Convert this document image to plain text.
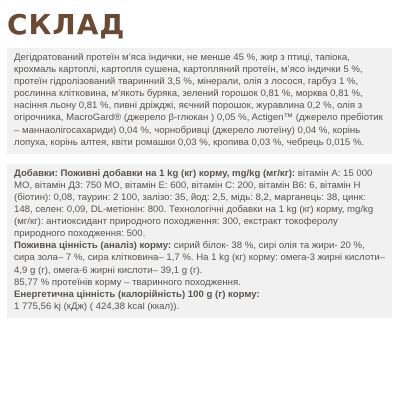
СКЛАД

Дегідратований протеїн м’яса індички, не менше 45 %, жир з птиці, тапіока, крохмаль картоплі, картопля сушена, картопляний протеїн, м’ясо індички 5 %, протеїн гідролізований тваринний 3,5 %, мінерали, олія з лосося, гарбуз 1 %, рослинна клітковина, м’якоть буряка, зелений горошок 0,81 %, морква 0,81 %, насіння льону 0,81 %, пивні дріжджі, яєчний порошок, журавлина 0,2 %, олія з огірочника, MacroGard® (джерело β-глюкан ) 0,05 %, Actigen™ (джерело пребіотик – маннаолігосахариди) 0,04 %, чорнобривці (джерело лютеїну) 0,04 %, корінь лопуха, корінь алтея, квіти ромашки 0,03 %, кропива 0,03 %, чебрець 0,015 %.

Добавки: Поживні добавки на 1 kg (кг) корму, mg/kg (мг/кг): вітамін А: 15 000 МО, вітамін Д3: 750 МО, вітамін Е: 600, вітамін С: 200, вітамін В6: 6, вітамін Н (біотин): 0,08, таурин: 2 100, залізо: 35, йод: 2,5, мідь: 8,2, марганець: 38, цинк: 148, селен: 0,09, DL-метіонін: 800. Технологічні добавки на 1 kg (кг) корму, mg/kg (мг/кг): антиоксидант природного походження: 300, екстракт токоферолу природного походження: 500.

Поживна цінність (аналіз) корму: сирий білок- 38 %, сирі олія та жири- 20 %, сира зола– 7 %, сира клітковина– 1,7 %. На 1 kg (кг) корму: омега-3 жирні кислоти– 4,9 g (г), омега-6 жирні кислоти– 39,1 g (г).

85,77 % протеїнів корму – тваринного походження.

Енергетична цінність (калорійність) 100 g (г) корму:

1 775,56 kj (кДж) ( 424,38 kcal (ккал)).
